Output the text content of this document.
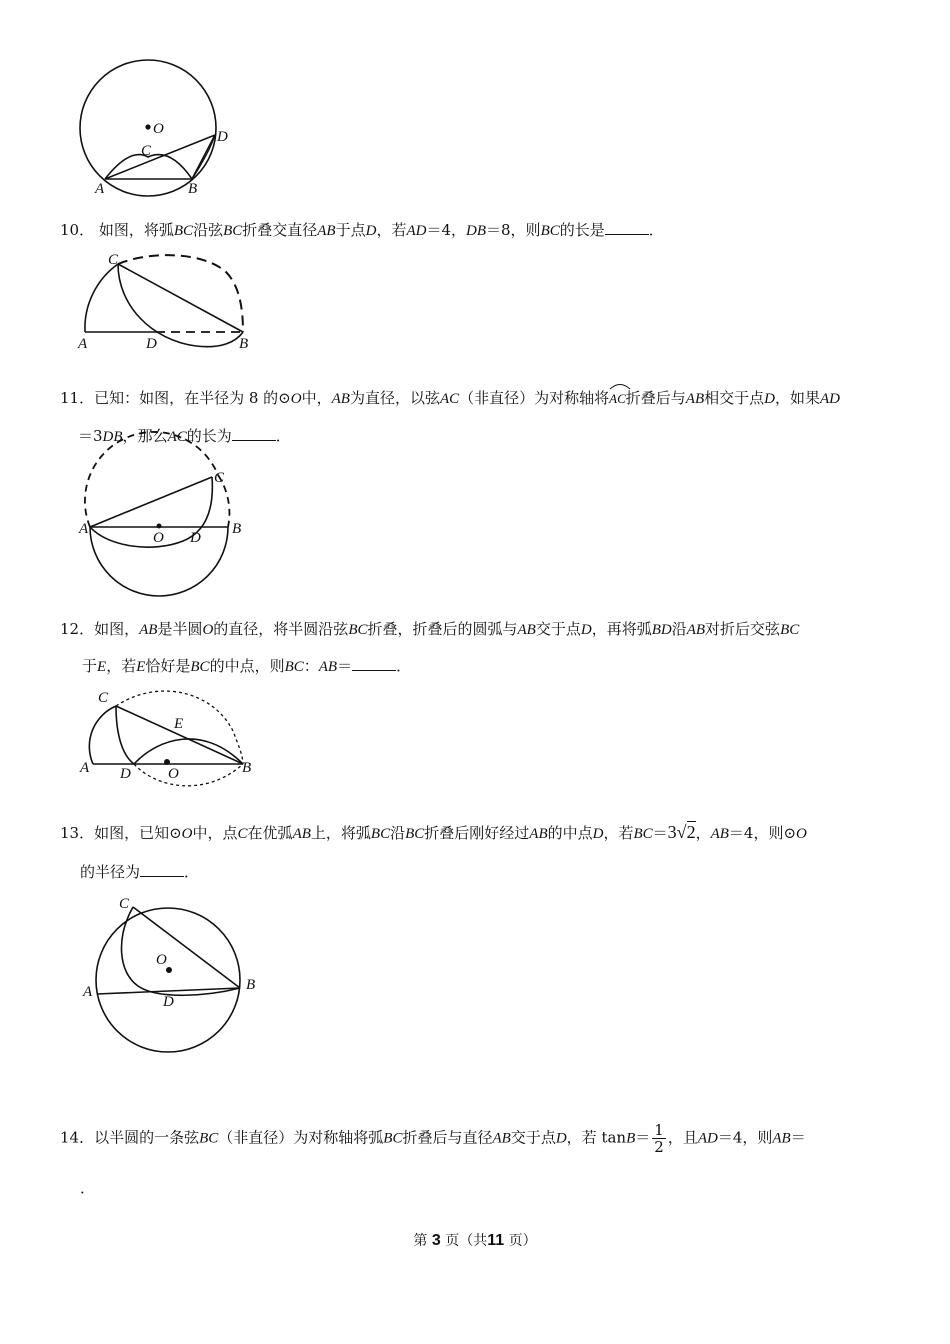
O
C
D
A	B
10． 如图，将弧BC沿弦BC折叠交直径AB于点D，若AD＝4，DB＝8，则BC的长是	．
C
A	D	B
11．已知：如图，在半径为 8 的⊙O中，AB为直径，以弦AC（非直径）为对称轴将
AC折叠后与AB相交于点D，如果AD
＝3DB，那么AC的长为	．
C
A
O D
B
12．如图，AB是半圆O的直径，将半圆沿弦BC折叠，折叠后的圆弧与AB交于点D，再将弧BD沿AB对折后交弦BC
于E，若E恰好是BC的中点，则BC：AB＝	．
C
E
A D O	B
13．如图，已知⊙O中，点C在优弧AB上，将弧BC沿BC折叠后刚好经过AB的中点D，若BC＝3√2，AB＝4，则⊙O
的半径为	．
C
O
A
D
B
14．以半圆的一条弦BC（非直径）为对称轴将弧BC折叠后与直径AB交于点D，若 $\tan B= \frac{1}{2}$ ，且AD＝4，则AB＝
．
第 3 页（共11 页）
